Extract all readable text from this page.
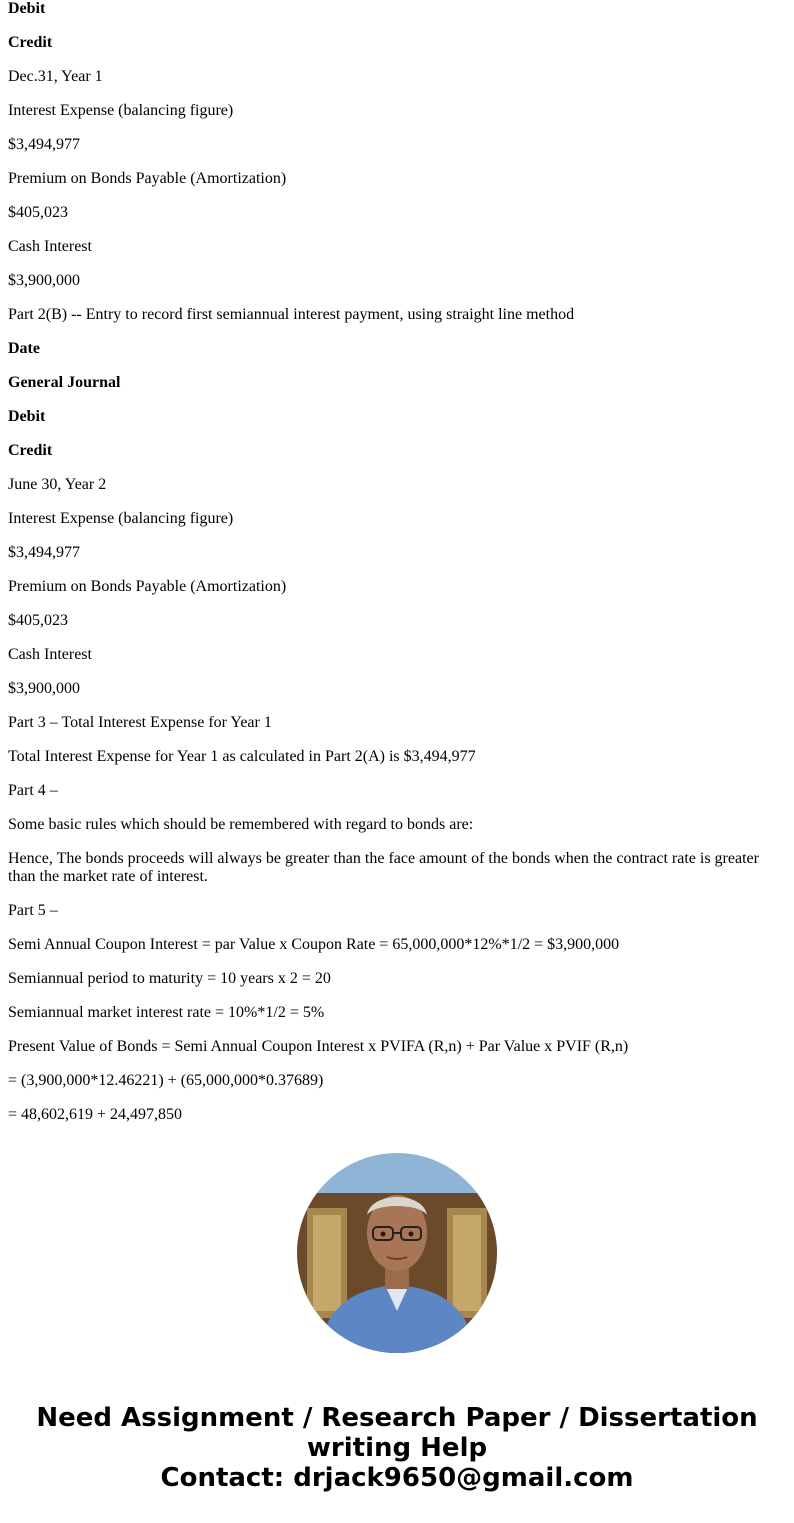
Debit

Credit

Dec.31, Year 1

Interest Expense (balancing figure)

$3,494,977

Premium on Bonds Payable (Amortization)

$405,023

Cash Interest

$3,900,000

Part 2(B) -- Entry to record first semiannual interest payment, using straight line method

Date

General Journal

Debit

Credit

June 30, Year 2

Interest Expense (balancing figure)

$3,494,977

Premium on Bonds Payable (Amortization)

$405,023

Cash Interest

$3,900,000

Part 3 – Total Interest Expense for Year 1

Total Interest Expense for Year 1 as calculated in Part 2(A) is $3,494,977

Part 4 –

Some basic rules which should be remembered with regard to bonds are:

Hence, The bonds proceeds will always be greater than the face amount of the bonds when the contract rate is greater than the market rate of interest.

Part 5 –

Semi Annual Coupon Interest = par Value x Coupon Rate = 65,000,000*12%*1/2 = $3,900,000

Semiannual period to maturity = 10 years x 2 = 20

Semiannual market interest rate = 10%*1/2 = 5%

Present Value of Bonds = Semi Annual Coupon Interest x PVIFA (R,n) + Par Value x PVIF (R,n)

= (3,900,000*12.46221) + (65,000,000*0.37689)

= 48,602,619 + 24,497,850

Need Assignment / Research Paper / Dissertation
writing Help
Contact: drjack9650@gmail.com
